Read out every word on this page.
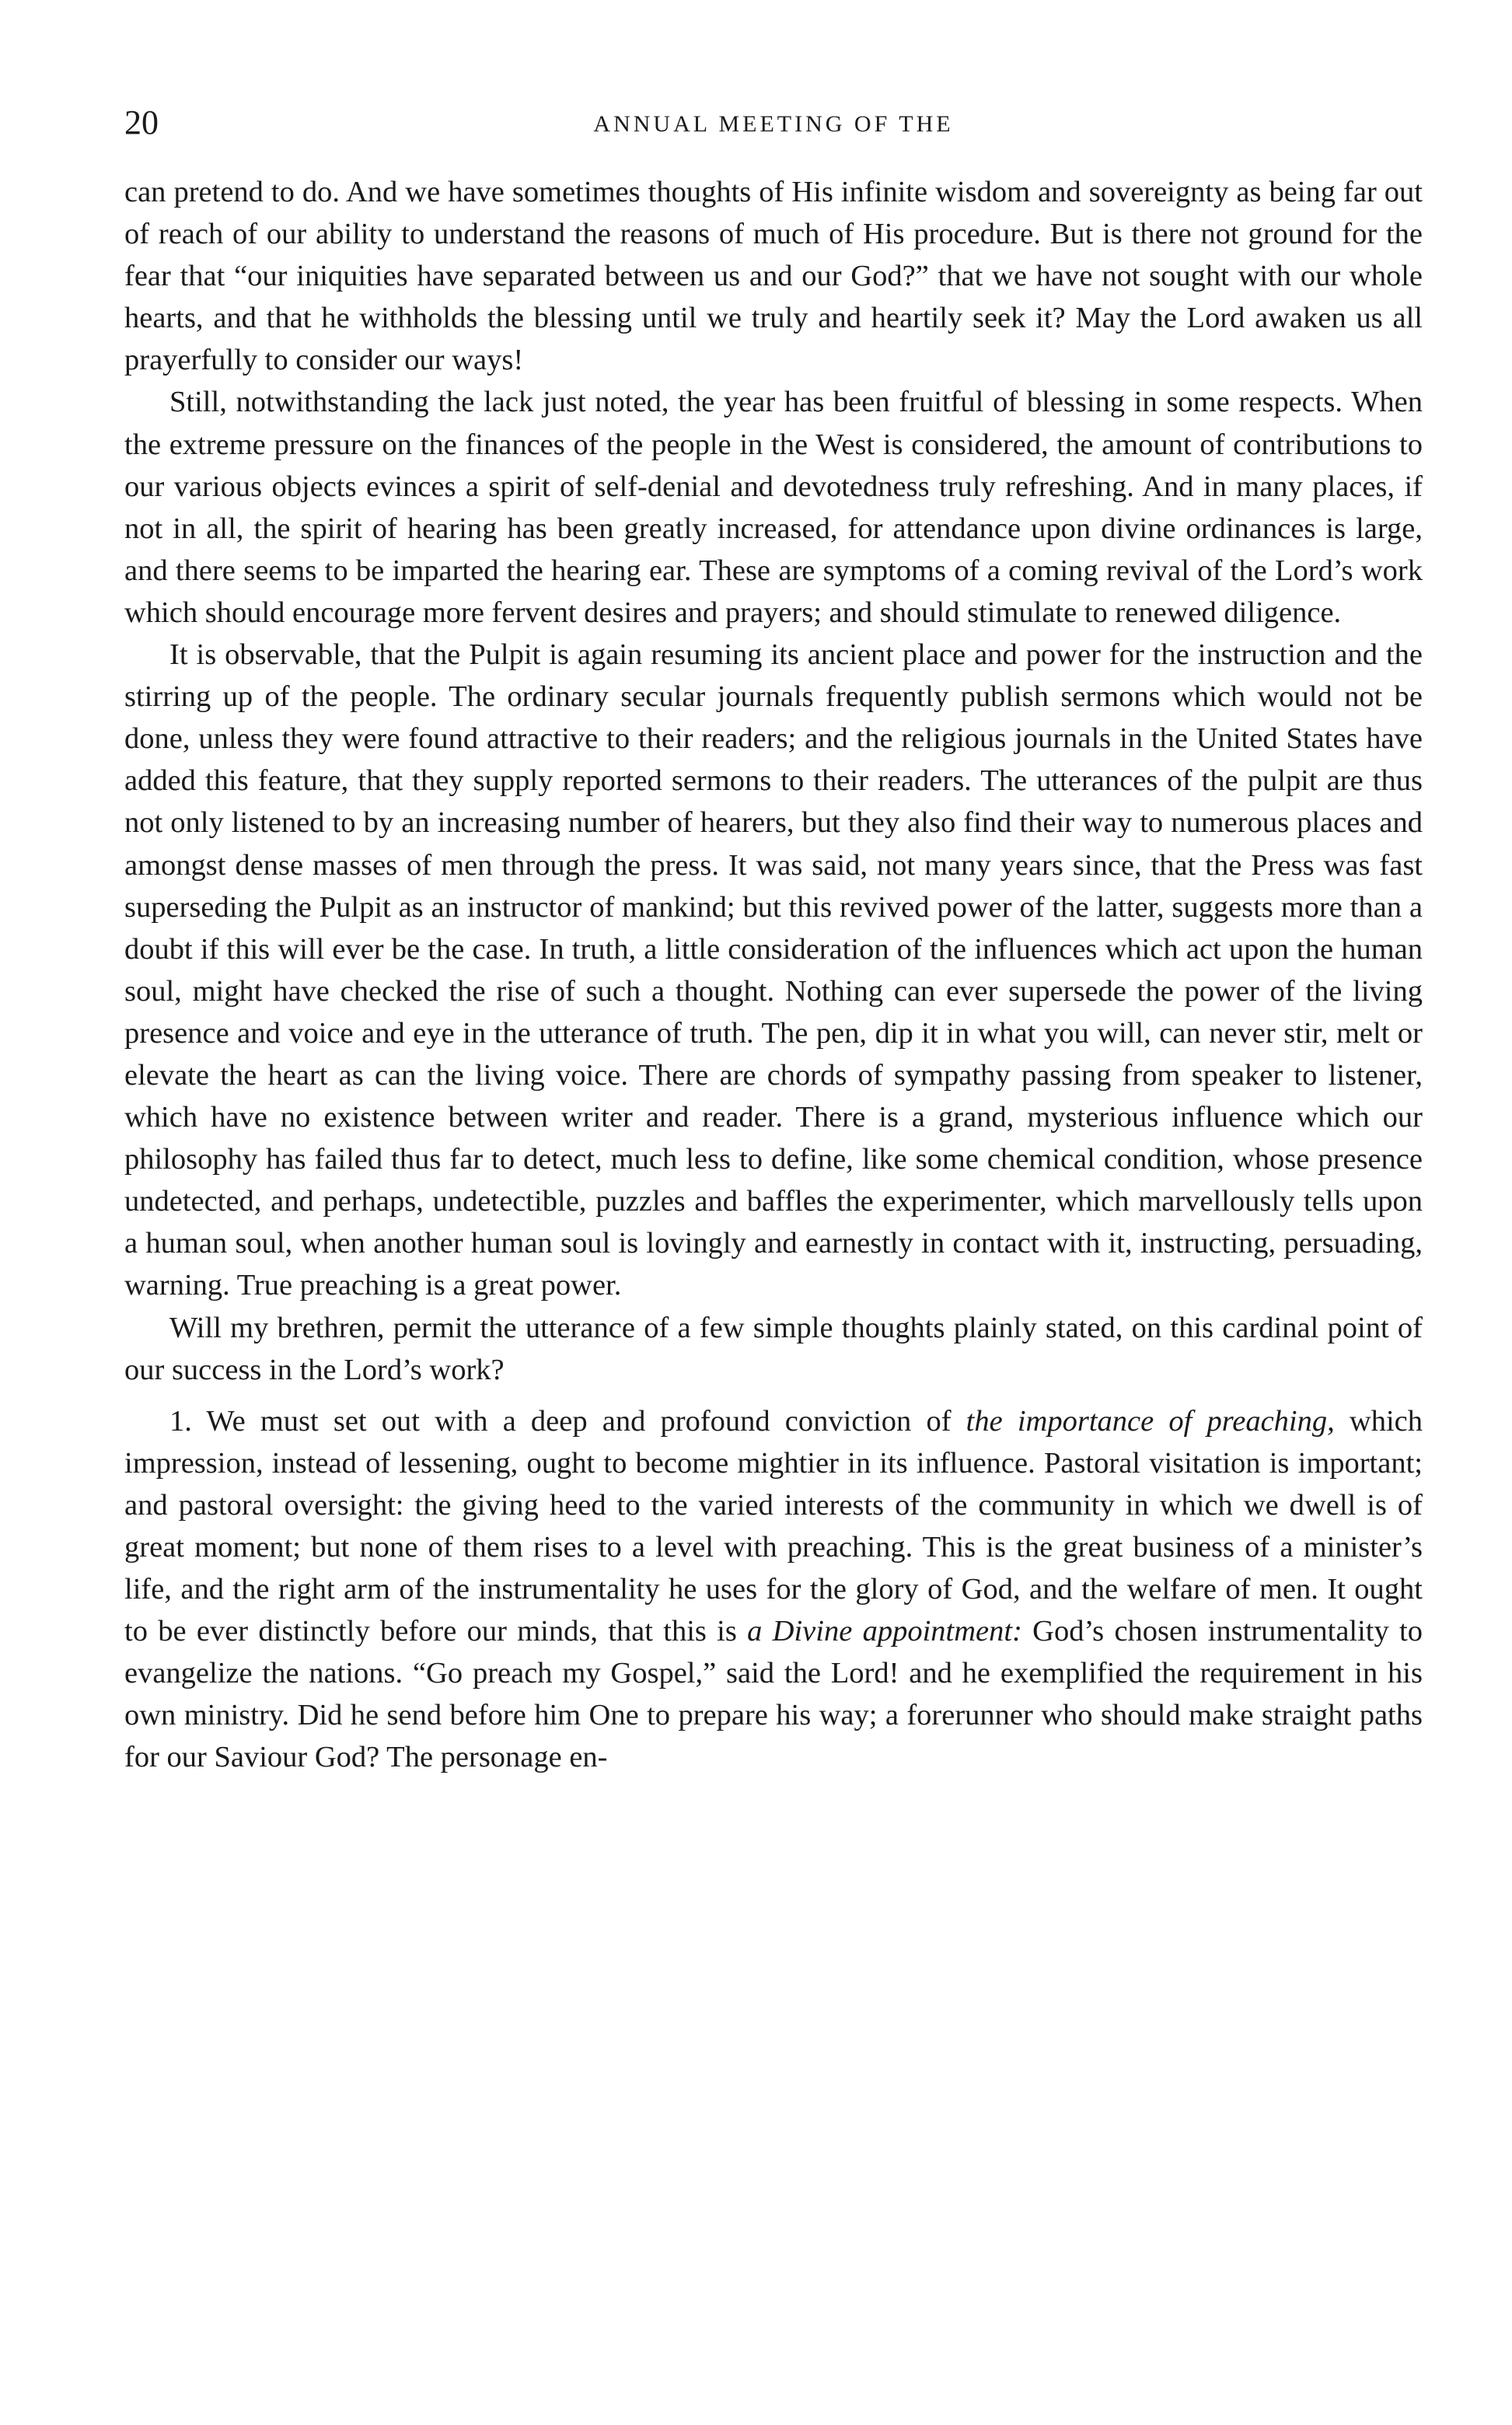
20	ANNUAL MEETING OF THE

can pretend to do. And we have sometimes thoughts of His infinite wisdom and sovereignty as being far out of reach of our ability to understand the reasons of much of His procedure. But is there not ground for the fear that “our iniquities have separated between us and our God?” that we have not sought with our whole hearts, and that he withholds the blessing until we truly and heartily seek it? May the Lord awaken us all prayerfully to consider our ways!

Still, notwithstanding the lack just noted, the year has been fruitful of blessing in some respects. When the extreme pressure on the finances of the people in the West is considered, the amount of contributions to our various objects evinces a spirit of self-denial and devotedness truly refreshing. And in many places, if not in all, the spirit of hearing has been greatly increased, for attendance upon divine ordinances is large, and there seems to be imparted the hearing ear. These are symptoms of a coming revival of the Lord’s work which should encourage more fervent desires and prayers; and should stimulate to renewed diligence.

It is observable, that the Pulpit is again resuming its ancient place and power for the instruction and the stirring up of the people. The ordinary secular journals frequently publish sermons which would not be done, unless they were found attractive to their readers; and the religious journals in the United States have added this feature, that they supply reported sermons to their readers. The utterances of the pulpit are thus not only listened to by an increasing number of hearers, but they also find their way to numerous places and amongst dense masses of men through the press. It was said, not many years since, that the Press was fast superseding the Pulpit as an instructor of mankind; but this revived power of the latter, suggests more than a doubt if this will ever be the case. In truth, a little consideration of the influences which act upon the human soul, might have checked the rise of such a thought. Nothing can ever supersede the power of the living presence and voice and eye in the utterance of truth. The pen, dip it in what you will, can never stir, melt or elevate the heart as can the living voice. There are chords of sympathy passing from speaker to listener, which have no existence between writer and reader. There is a grand, mysterious influence which our philosophy has failed thus far to detect, much less to define, like some chemical condition, whose presence undetected, and perhaps, undetectible, puzzles and baffles the experimenter, which marvellously tells upon a human soul, when another human soul is lovingly and earnestly in contact with it, instructing, persuading, warning. True preaching is a great power.

Will my brethren, permit the utterance of a few simple thoughts plainly stated, on this cardinal point of our success in the Lord’s work?

1. We must set out with a deep and profound conviction of the importance of preaching, which impression, instead of lessening, ought to become mightier in its influence. Pastoral visitation is important; and pastoral oversight: the giving heed to the varied interests of the community in which we dwell is of great moment; but none of them rises to a level with preaching. This is the great business of a minister’s life, and the right arm of the instrumentality he uses for the glory of God, and the welfare of men. It ought to be ever distinctly before our minds, that this is a Divine appointment: God’s chosen instrumentality to evangelize the nations. “Go preach my Gospel,” said the Lord! and he exemplified the requirement in his own ministry. Did he send before him One to prepare his way; a forerunner who should make straight paths for our Saviour God? The personage en-
